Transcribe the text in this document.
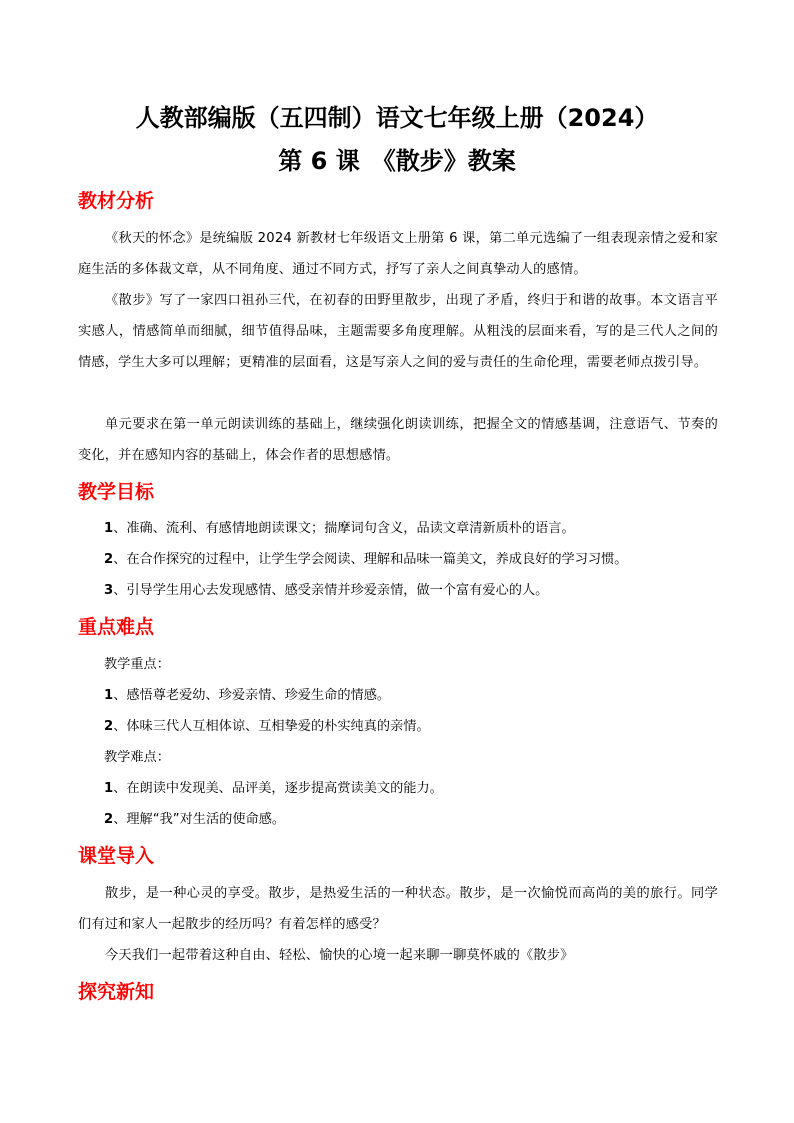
人教部编版（五四制）语文七年级上册（2024）
第 6 课　《散步》教案
教材分析

《秋天的怀念》是统编版 2024 新教材七年级语文上册第 6 课，第二单元选编了一组表现亲情之爱和家庭生活的多体裁文章，从不同角度、通过不同方式，抒写了亲人之间真挚动人的感情。

《散步》写了一家四口祖孙三代，在初春的田野里散步，出现了矛盾，终归于和谐的故事。本文语言平实感人，情感简单而细腻，细节值得品味，主题需要多角度理解。从粗浅的层面来看，写的是三代人之间的情感，学生大多可以理解；更精准的层面看，这是写亲人之间的爱与责任的生命伦理，需要老师点拨引导。

单元要求在第一单元朗读训练的基础上，继续强化朗读训练，把握全文的情感基调，注意语气、节奏的变化，并在感知内容的基础上，体会作者的思想感情。

教学目标

1、准确、流利、有感情地朗读课文；揣摩词句含义，品读文章清新质朴的语言。

2、在合作探究的过程中，让学生学会阅读、理解和品味一篇美文，养成良好的学习习惯。

3、引导学生用心去发现感情、感受亲情并珍爱亲情，做一个富有爱心的人。

重点难点

教学重点：

1、感悟尊老爱幼、珍爱亲情、珍爱生命的情感。

2、体味三代人互相体谅、互相挚爱的朴实纯真的亲情。

教学难点：

1、在朗读中发现美、品评美，逐步提高赏读美文的能力。

2、理解“我”对生活的使命感。

课堂导入

散步，是一种心灵的享受。散步，是热爱生活的一种状态。散步，是一次愉悦而高尚的美的旅行。同学们有过和家人一起散步的经历吗？有着怎样的感受？

今天我们一起带着这种自由、轻松、愉快的心境一起来聊一聊莫怀戚的《散步》

探究新知
